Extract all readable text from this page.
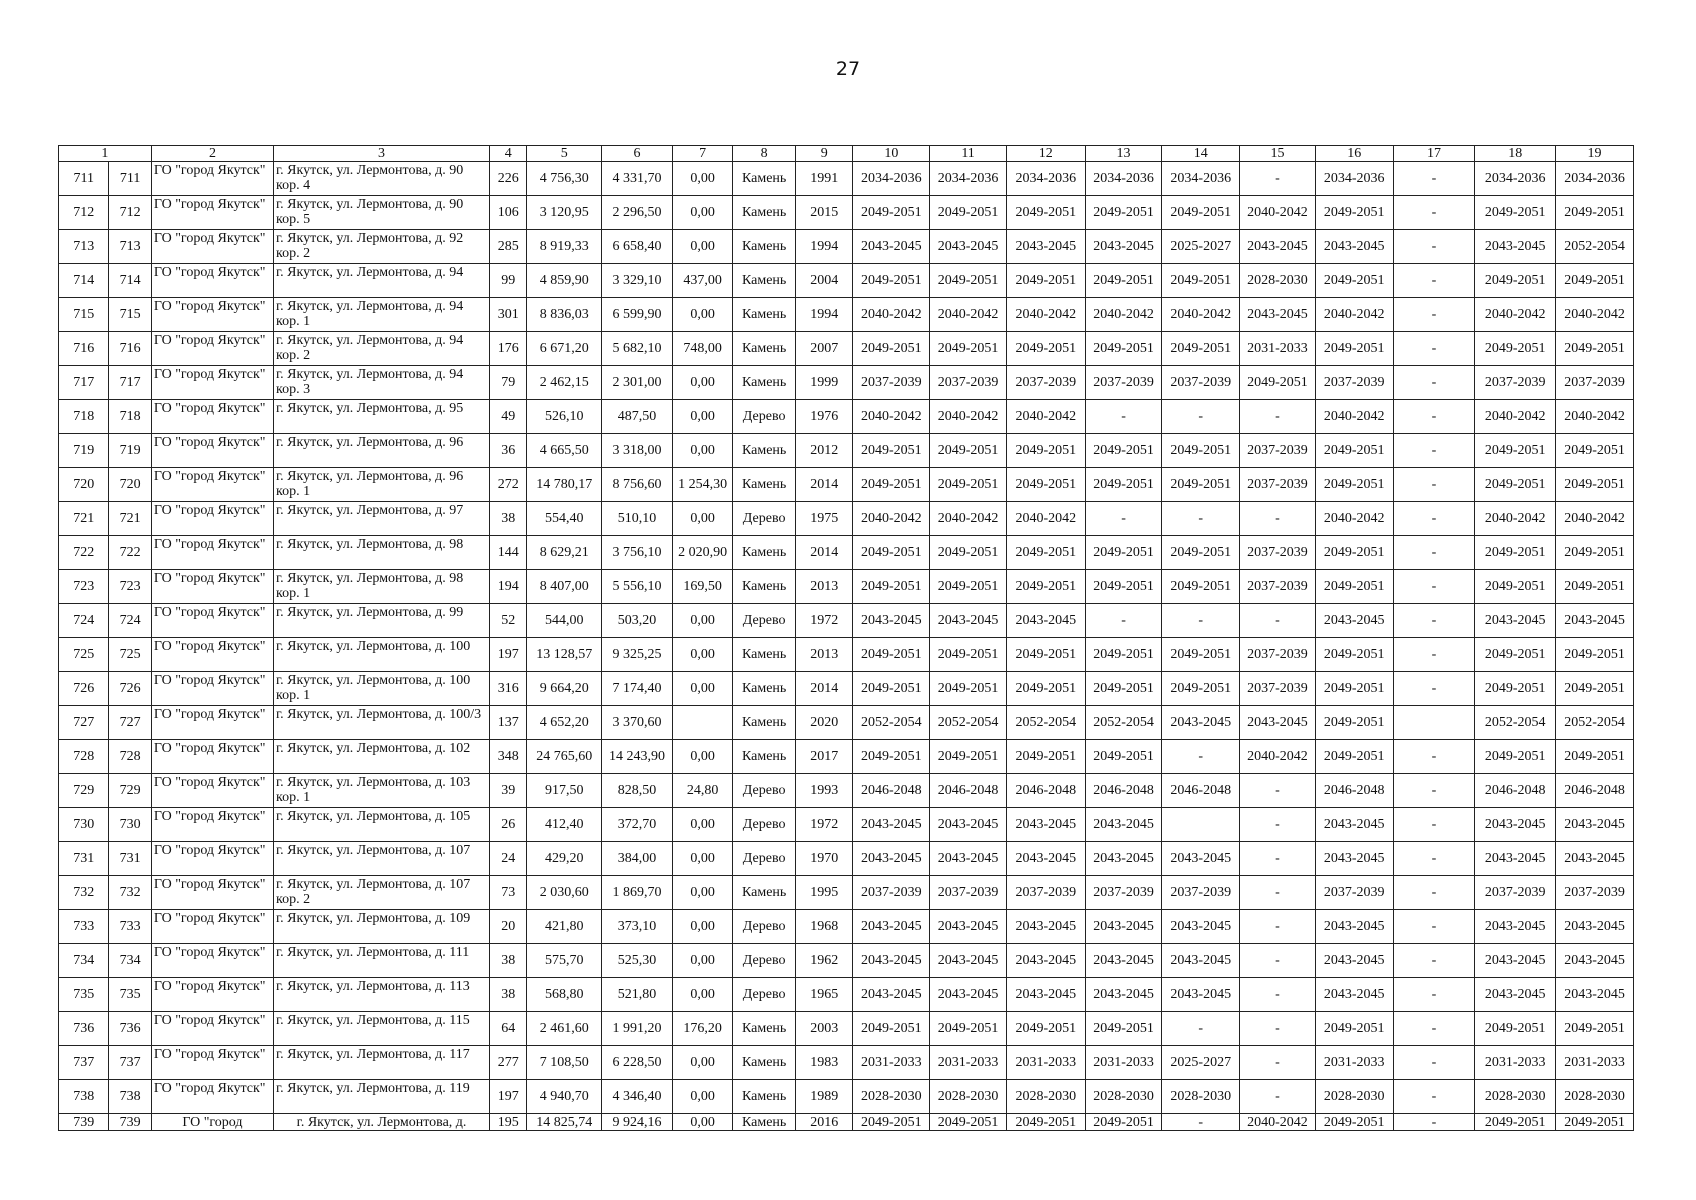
27
1		2	3	4	5	6	7	8	9	10	11	12	13	14	15	16	17	18	19
711	711	ГО "город Якутск"	г. Якутск, ул. Лермонтова, д. 90 кор. 4	226	4 756,30	4 331,70	0,00	Камень	1991	2034-2036	2034-2036	2034-2036	2034-2036	2034-2036	-	2034-2036	-	2034-2036	2034-2036
712	712	ГО "город Якутск"	г. Якутск, ул. Лермонтова, д. 90 кор. 5	106	3 120,95	2 296,50	0,00	Камень	2015	2049-2051	2049-2051	2049-2051	2049-2051	2049-2051	2040-2042	2049-2051	-	2049-2051	2049-2051
713	713	ГО "город Якутск"	г. Якутск, ул. Лермонтова, д. 92 кор. 2	285	8 919,33	6 658,40	0,00	Камень	1994	2043-2045	2043-2045	2043-2045	2043-2045	2025-2027	2043-2045	2043-2045	-	2043-2045	2052-2054
714	714	ГО "город Якутск"	г. Якутск, ул. Лермонтова, д. 94	99	4 859,90	3 329,10	437,00	Камень	2004	2049-2051	2049-2051	2049-2051	2049-2051	2049-2051	2028-2030	2049-2051	-	2049-2051	2049-2051
715	715	ГО "город Якутск"	г. Якутск, ул. Лермонтова, д. 94 кор. 1	301	8 836,03	6 599,90	0,00	Камень	1994	2040-2042	2040-2042	2040-2042	2040-2042	2040-2042	2043-2045	2040-2042	-	2040-2042	2040-2042
716	716	ГО "город Якутск"	г. Якутск, ул. Лермонтова, д. 94 кор. 2	176	6 671,20	5 682,10	748,00	Камень	2007	2049-2051	2049-2051	2049-2051	2049-2051	2049-2051	2031-2033	2049-2051	-	2049-2051	2049-2051
717	717	ГО "город Якутск"	г. Якутск, ул. Лермонтова, д. 94 кор. 3	79	2 462,15	2 301,00	0,00	Камень	1999	2037-2039	2037-2039	2037-2039	2037-2039	2037-2039	2049-2051	2037-2039	-	2037-2039	2037-2039
718	718	ГО "город Якутск"	г. Якутск, ул. Лермонтова, д. 95	49	526,10	487,50	0,00	Дерево	1976	2040-2042	2040-2042	2040-2042	-	-	-	2040-2042	-	2040-2042	2040-2042
719	719	ГО "город Якутск"	г. Якутск, ул. Лермонтова, д. 96	36	4 665,50	3 318,00	0,00	Камень	2012	2049-2051	2049-2051	2049-2051	2049-2051	2049-2051	2037-2039	2049-2051	-	2049-2051	2049-2051
720	720	ГО "город Якутск"	г. Якутск, ул. Лермонтова, д. 96 кор. 1	272	14 780,17	8 756,60	1 254,30	Камень	2014	2049-2051	2049-2051	2049-2051	2049-2051	2049-2051	2037-2039	2049-2051	-	2049-2051	2049-2051
721	721	ГО "город Якутск"	г. Якутск, ул. Лермонтова, д. 97	38	554,40	510,10	0,00	Дерево	1975	2040-2042	2040-2042	2040-2042	-	-	-	2040-2042	-	2040-2042	2040-2042
722	722	ГО "город Якутск"	г. Якутск, ул. Лермонтова, д. 98	144	8 629,21	3 756,10	2 020,90	Камень	2014	2049-2051	2049-2051	2049-2051	2049-2051	2049-2051	2037-2039	2049-2051	-	2049-2051	2049-2051
723	723	ГО "город Якутск"	г. Якутск, ул. Лермонтова, д. 98 кор. 1	194	8 407,00	5 556,10	169,50	Камень	2013	2049-2051	2049-2051	2049-2051	2049-2051	2049-2051	2037-2039	2049-2051	-	2049-2051	2049-2051
724	724	ГО "город Якутск"	г. Якутск, ул. Лермонтова, д. 99	52	544,00	503,20	0,00	Дерево	1972	2043-2045	2043-2045	2043-2045	-	-	-	2043-2045	-	2043-2045	2043-2045
725	725	ГО "город Якутск"	г. Якутск, ул. Лермонтова, д. 100	197	13 128,57	9 325,25	0,00	Камень	2013	2049-2051	2049-2051	2049-2051	2049-2051	2049-2051	2037-2039	2049-2051	-	2049-2051	2049-2051
726	726	ГО "город Якутск"	г. Якутск, ул. Лермонтова, д. 100 кор. 1	316	9 664,20	7 174,40	0,00	Камень	2014	2049-2051	2049-2051	2049-2051	2049-2051	2049-2051	2037-2039	2049-2051	-	2049-2051	2049-2051
727	727	ГО "город Якутск"	г. Якутск, ул. Лермонтова, д. 100/3	137	4 652,20	3 370,60		Камень	2020	2052-2054	2052-2054	2052-2054	2052-2054	2043-2045	2043-2045	2049-2051		2052-2054	2052-2054
728	728	ГО "город Якутск"	г. Якутск, ул. Лермонтова, д. 102	348	24 765,60	14 243,90	0,00	Камень	2017	2049-2051	2049-2051	2049-2051	2049-2051	-	2040-2042	2049-2051	-	2049-2051	2049-2051
729	729	ГО "город Якутск"	г. Якутск, ул. Лермонтова, д. 103 кор. 1	39	917,50	828,50	24,80	Дерево	1993	2046-2048	2046-2048	2046-2048	2046-2048	2046-2048	-	2046-2048	-	2046-2048	2046-2048
730	730	ГО "город Якутск"	г. Якутск, ул. Лермонтова, д. 105	26	412,40	372,70	0,00	Дерево	1972	2043-2045	2043-2045	2043-2045	2043-2045		-	2043-2045	-	2043-2045	2043-2045
731	731	ГО "город Якутск"	г. Якутск, ул. Лермонтова, д. 107	24	429,20	384,00	0,00	Дерево	1970	2043-2045	2043-2045	2043-2045	2043-2045	2043-2045	-	2043-2045	-	2043-2045	2043-2045
732	732	ГО "город Якутск"	г. Якутск, ул. Лермонтова, д. 107 кор. 2	73	2 030,60	1 869,70	0,00	Камень	1995	2037-2039	2037-2039	2037-2039	2037-2039	2037-2039	-	2037-2039	-	2037-2039	2037-2039
733	733	ГО "город Якутск"	г. Якутск, ул. Лермонтова, д. 109	20	421,80	373,10	0,00	Дерево	1968	2043-2045	2043-2045	2043-2045	2043-2045	2043-2045	-	2043-2045	-	2043-2045	2043-2045
734	734	ГО "город Якутск"	г. Якутск, ул. Лермонтова, д. 111	38	575,70	525,30	0,00	Дерево	1962	2043-2045	2043-2045	2043-2045	2043-2045	2043-2045	-	2043-2045	-	2043-2045	2043-2045
735	735	ГО "город Якутск"	г. Якутск, ул. Лермонтова, д. 113	38	568,80	521,80	0,00	Дерево	1965	2043-2045	2043-2045	2043-2045	2043-2045	2043-2045	-	2043-2045	-	2043-2045	2043-2045
736	736	ГО "город Якутск"	г. Якутск, ул. Лермонтова, д. 115	64	2 461,60	1 991,20	176,20	Камень	2003	2049-2051	2049-2051	2049-2051	2049-2051	-	-	2049-2051	-	2049-2051	2049-2051
737	737	ГО "город Якутск"	г. Якутск, ул. Лермонтова, д. 117	277	7 108,50	6 228,50	0,00	Камень	1983	2031-2033	2031-2033	2031-2033	2031-2033	2025-2027	-	2031-2033	-	2031-2033	2031-2033
738	738	ГО "город Якутск"	г. Якутск, ул. Лермонтова, д. 119	197	4 940,70	4 346,40	0,00	Камень	1989	2028-2030	2028-2030	2028-2030	2028-2030	2028-2030	-	2028-2030	-	2028-2030	2028-2030
739	739	ГО "город	г. Якутск, ул. Лермонтова, д.	195	14 825,74	9 924,16	0,00	Камень	2016	2049-2051	2049-2051	2049-2051	2049-2051	-	2040-2042	2049-2051	-	2049-2051	2049-2051
